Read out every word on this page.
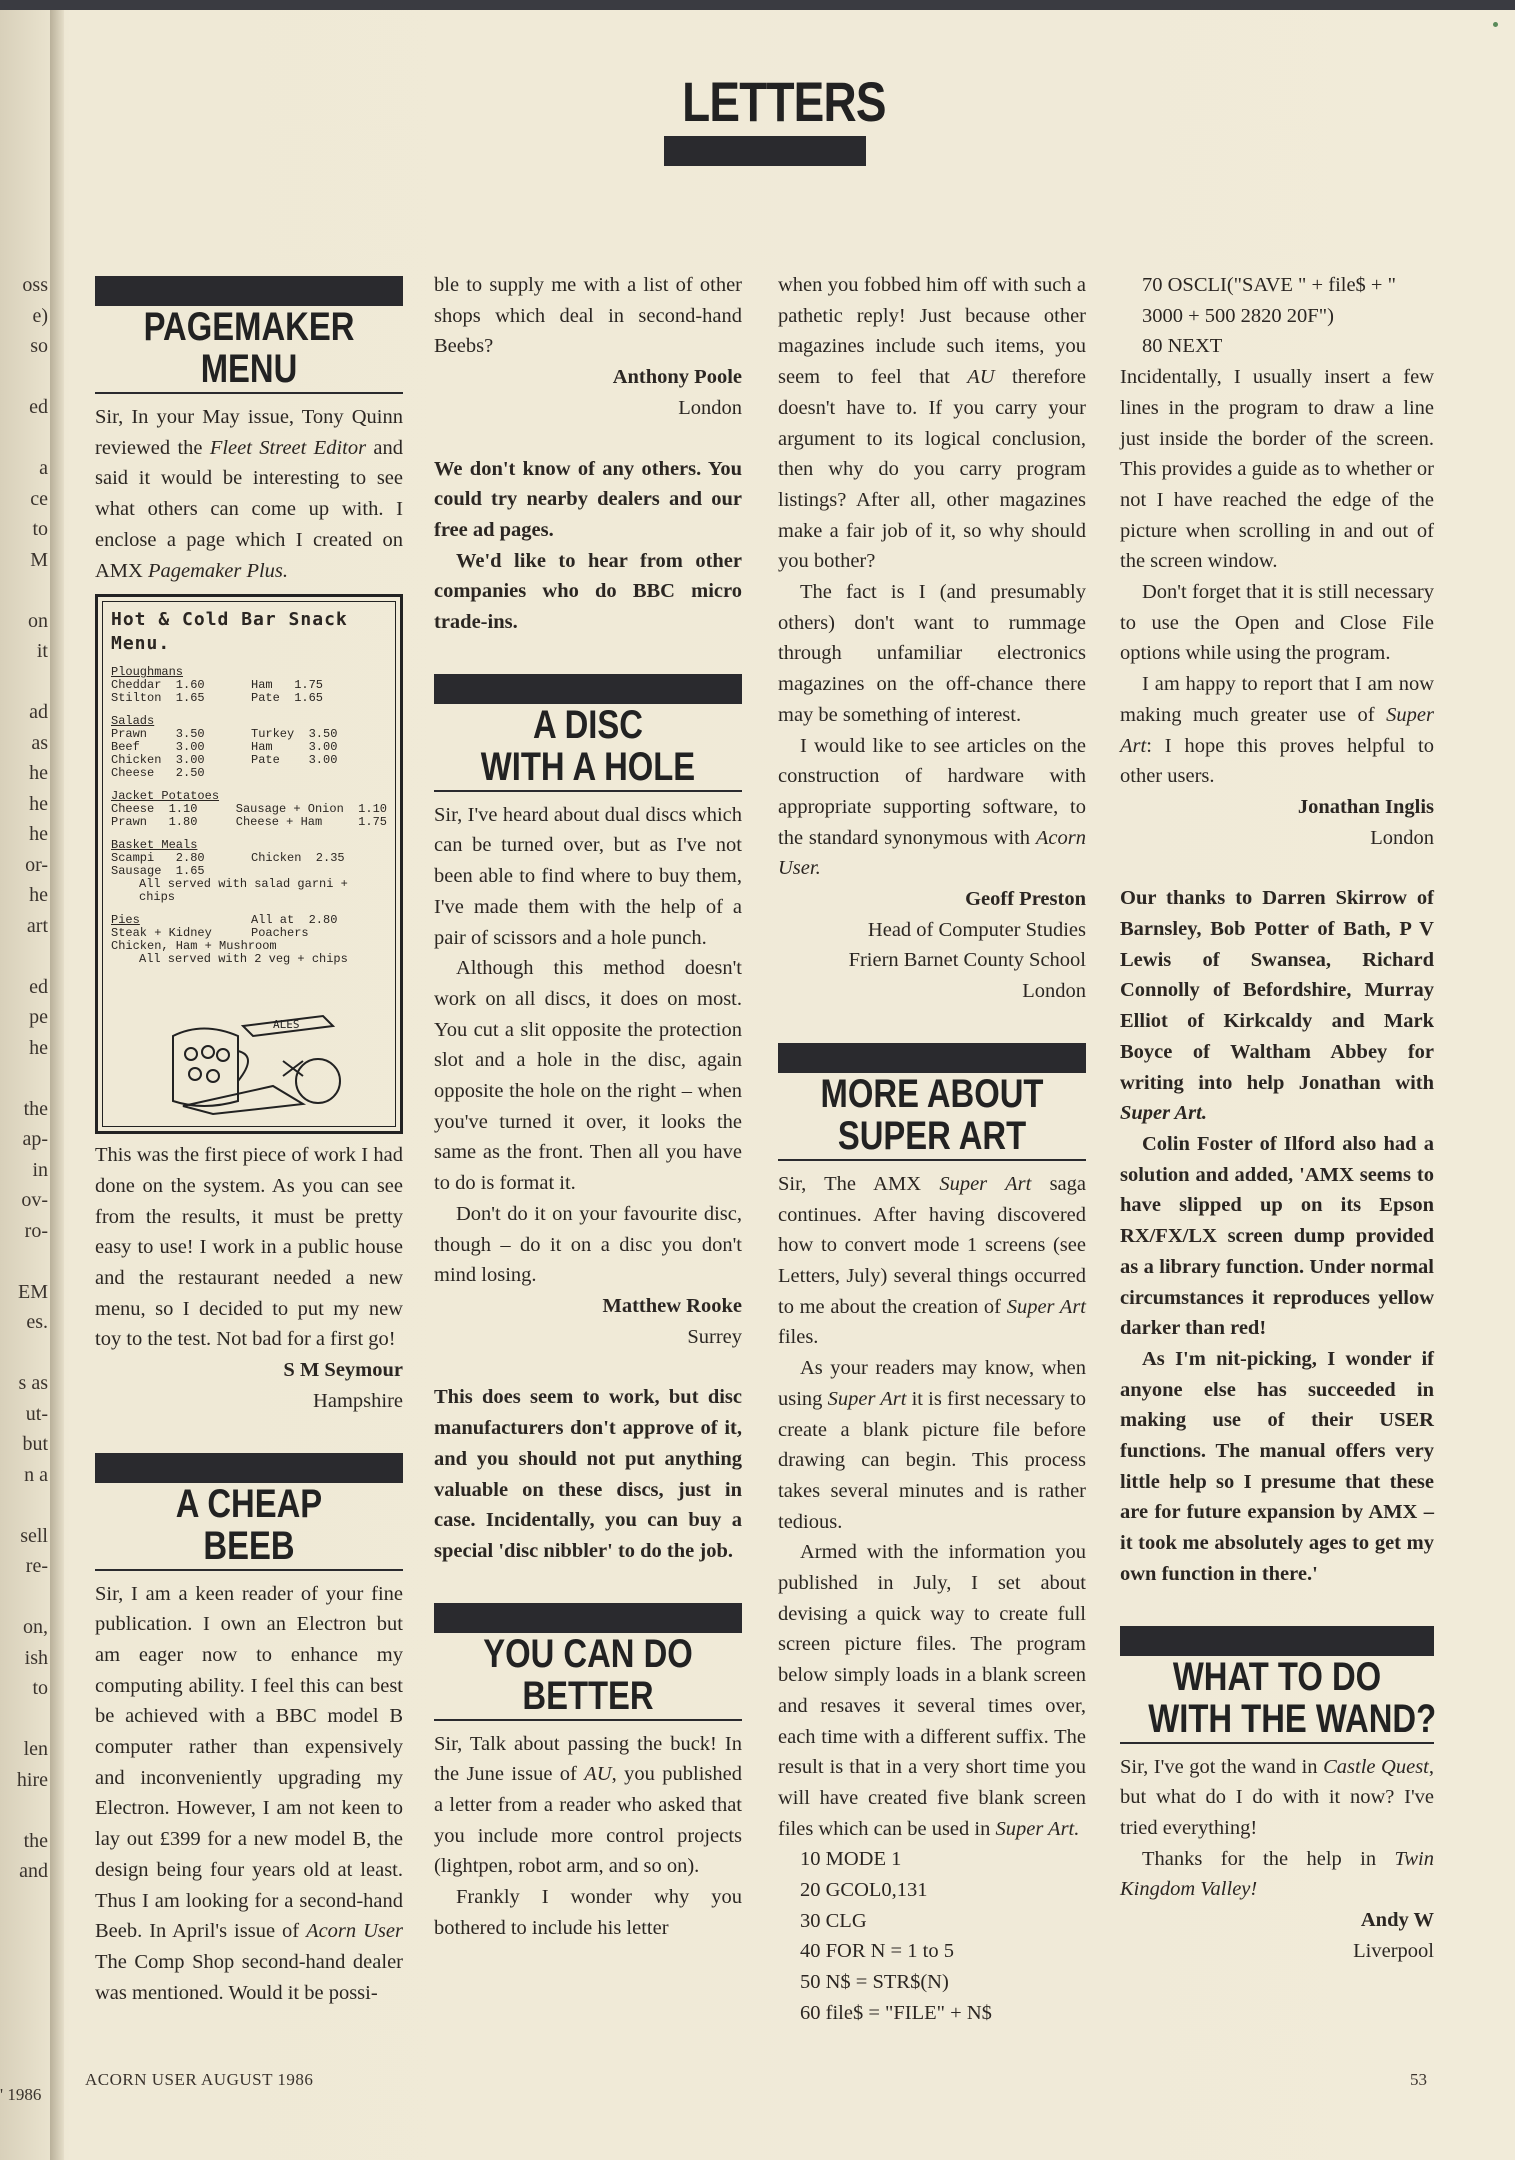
oss
e)
so
ed
a
ce
to
M
on
it
ad
as
he
he
he
or-
he
art
ed
pe
he
the
ap-
in
ov-
ro-
EM
es.
s as
ut-
but
n a
sell
re-
on,
ish
to
len
hire
the
and
' 1986
LETTERS
PAGEMAKER
MENU

Sir, In your May issue, Tony Quinn reviewed the Fleet Street Editor and said it would be interesting to see what others can come up with. I enclose a page which I created on AMX Pagemaker Plus.

Hot & Cold Bar Snack Menu.
Ploughmans
Cheddar  1.60	Ham   1.75
Stilton  1.65	Pate  1.65
Salads
Prawn    3.50	Turkey  3.50
Beef     3.00	Ham     3.00
Chicken  3.00	Pate    3.00
Cheese   2.50
Jacket Potatoes
Cheese  1.10	Sausage + Onion  1.10
Prawn   1.80	Cheese + Ham     1.75
Basket Meals
Scampi   2.80	Chicken  2.35
Sausage  1.65
All served with salad garni + chips
Pies	All at  2.80
Steak + Kidney	Poachers
Chicken, Ham + Mushroom
All served with 2 veg + chips
ALES

This was the first piece of work I had done on the system. As you can see from the results, it must be pretty easy to use! I work in a public house and the restaurant needed a new menu, so I decided to put my new toy to the test. Not bad for a first go!

S M Seymour
Hampshire
A CHEAP
BEEB

Sir, I am a keen reader of your fine publication. I own an Electron but am eager now to enhance my computing ability. I feel this can best be achieved with a BBC model B computer rather than expensively and inconveniently upgrading my Electron. However, I am not keen to lay out £399 for a new model B, the design being four years old at least. Thus I am looking for a second-hand Beeb. In April's issue of Acorn User The Comp Shop second-hand dealer was mentioned. Would it be possi-

ble to supply me with a list of other shops which deal in second-hand Beebs?

Anthony Poole
London

We don't know of any others. You could try nearby dealers and our free ad pages.

We'd like to hear from other companies who do BBC micro trade-ins.

A DISC
WITH A HOLE

Sir, I've heard about dual discs which can be turned over, but as I've not been able to find where to buy them, I've made them with the help of a pair of scissors and a hole punch.

Although this method doesn't work on all discs, it does on most. You cut a slit opposite the protection slot and a hole in the disc, again opposite the hole on the right – when you've turned it over, it looks the same as the front. Then all you have to do is format it.

Don't do it on your favourite disc, though – do it on a disc you don't mind losing.

Matthew Rooke
Surrey

This does seem to work, but disc manufacturers don't approve of it, and you should not put anything valuable on these discs, just in case. Incidentally, you can buy a special 'disc nibbler' to do the job.

YOU CAN DO
BETTER

Sir, Talk about passing the buck! In the June issue of AU, you published a letter from a reader who asked that you include more control projects (lightpen, robot arm, and so on).

Frankly I wonder why you bothered to include his letter

when you fobbed him off with such a pathetic reply! Just because other magazines include such items, you seem to feel that AU therefore doesn't have to. If you carry your argument to its logical conclusion, then why do you carry program listings? After all, other magazines make a fair job of it, so why should you bother?

The fact is I (and presumably others) don't want to rummage through unfamiliar electronics magazines on the off-chance there may be something of interest.

I would like to see articles on the construction of hardware with appropriate supporting software, to the standard synonymous with Acorn User.

Geoff Preston
Head of Computer Studies
Friern Barnet County School
London
MORE ABOUT
SUPER ART

Sir, The AMX Super Art saga continues. After having discovered how to convert mode 1 screens (see Letters, July) several things occurred to me about the creation of Super Art files.

As your readers may know, when using Super Art it is first necessary to create a blank picture file before drawing can begin. This process takes several minutes and is rather tedious.

Armed with the information you published in July, I set about devising a quick way to create full screen picture files. The program below simply loads in a blank screen and resaves it several times over, each time with a different suffix. The result is that in a very short time you will have created five blank screen files which can be used in Super Art.

10 MODE 1
20 GCOL0,131
30 CLG
40 FOR N = 1 to 5
50 N$ = STR$(N)
60 file$ = "FILE" + N$
70 OSCLI("SAVE " + file$ + " 3000 + 500 2820 20F")
80 NEXT

Incidentally, I usually insert a few lines in the program to draw a line just inside the border of the screen. This provides a guide as to whether or not I have reached the edge of the picture when scrolling in and out of the screen window.

Don't forget that it is still necessary to use the Open and Close File options while using the program.

I am happy to report that I am now making much greater use of Super Art: I hope this proves helpful to other users.

Jonathan Inglis
London

Our thanks to Darren Skirrow of Barnsley, Bob Potter of Bath, P V Lewis of Swansea, Richard Connolly of Befordshire, Murray Elliot of Kirkcaldy and Mark Boyce of Waltham Abbey for writing into help Jonathan with Super Art.

Colin Foster of Ilford also had a solution and added, 'AMX seems to have slipped up on its Epson RX/FX/LX screen dump provided as a library function. Under normal circumstances it reproduces yellow darker than red!

As I'm nit-picking, I wonder if anyone else has succeeded in making use of their USER functions. The manual offers very little help so I presume that these are for future expansion by AMX – it took me absolutely ages to get my own function in there.'

WHAT TO DO
WITH THE WAND?

Sir, I've got the wand in Castle Quest, but what do I do with it now? I've tried everything!

Thanks for the help in Twin Kingdom Valley!

Andy W
Liverpool
ACORN USER AUGUST 1986	53
